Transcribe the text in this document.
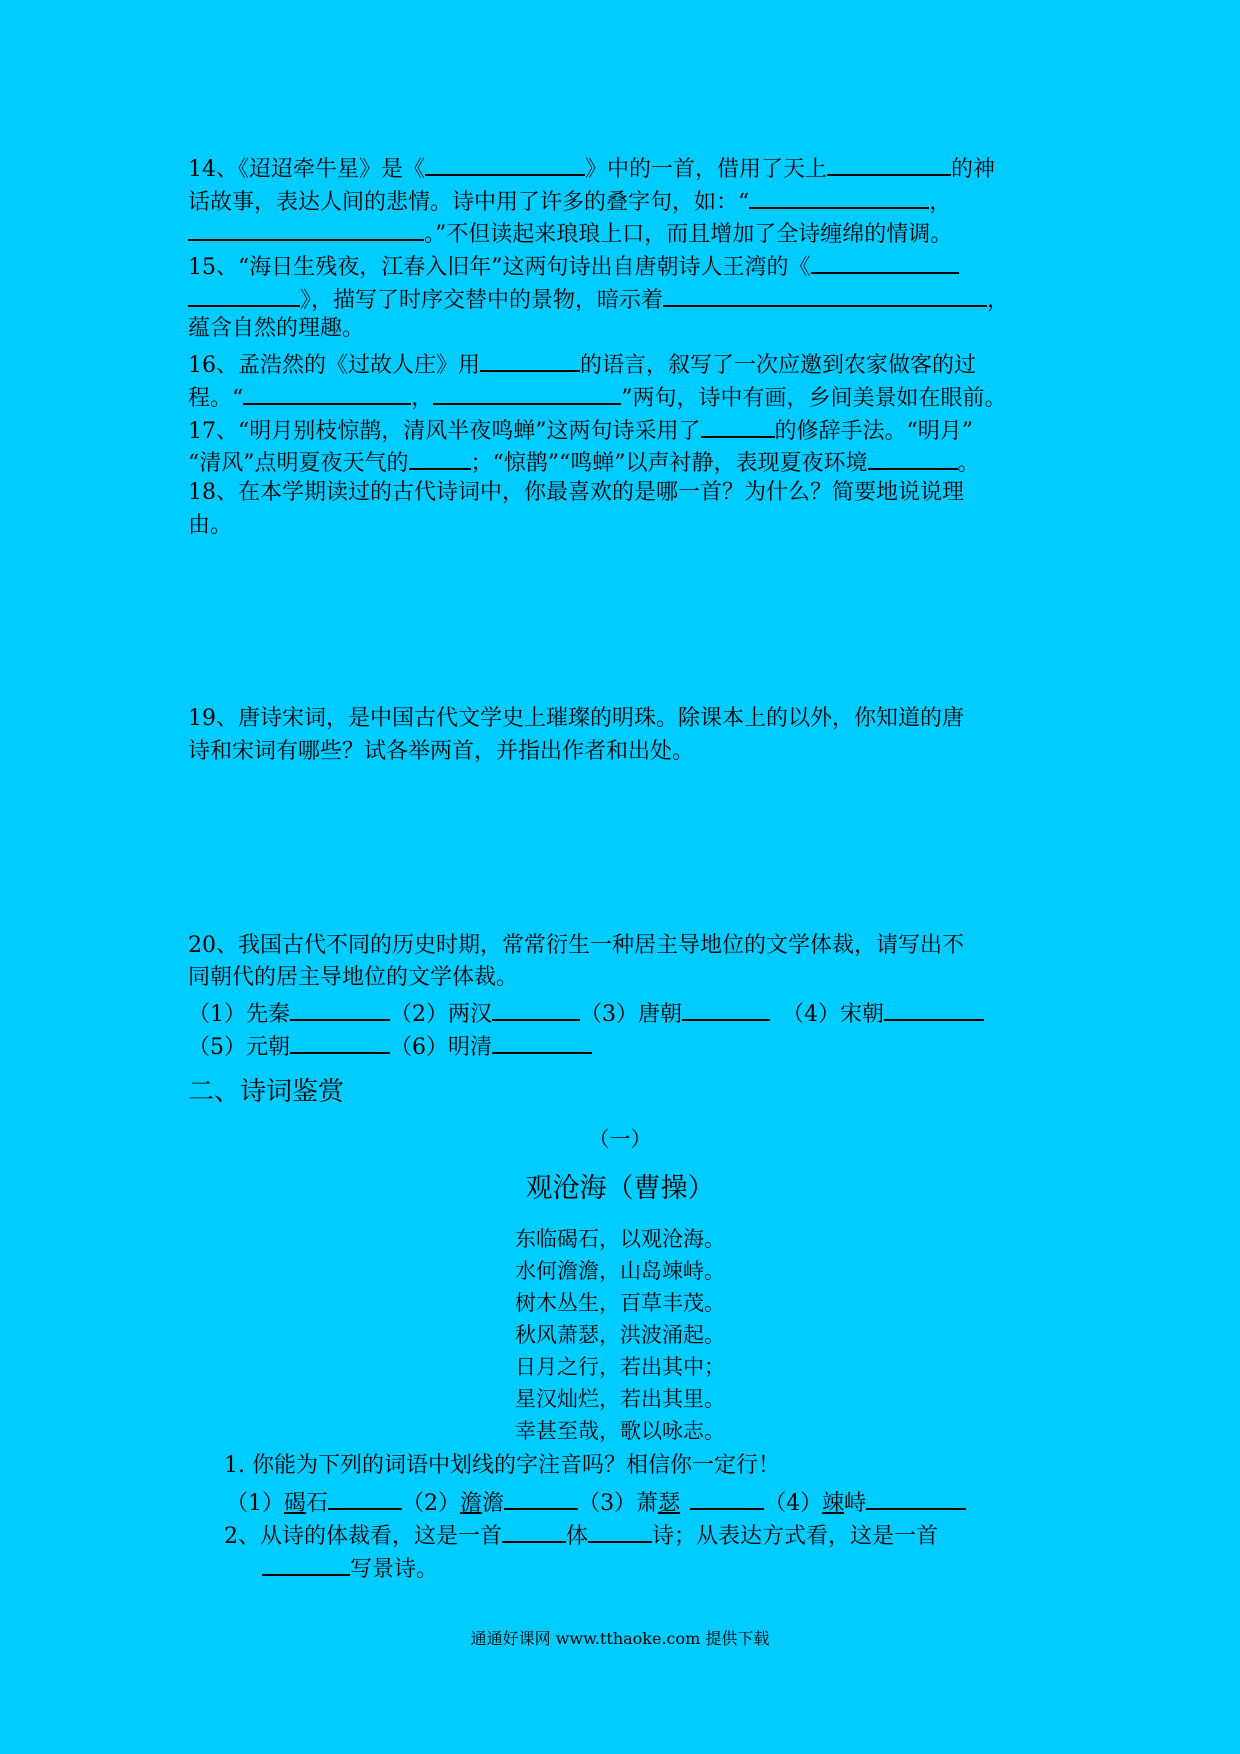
14、《迢迢牵牛星》是《	》中的一首，借用了天上	的神
话故事，表达人间的悲情。诗中用了许多的叠字句，如：“	，
。”不但读起来琅琅上口，而且增加了全诗缠绵的情调。
15、“海日生残夜，江春入旧年”这两句诗出自唐朝诗人王湾的《
》，描写了时序交替中的景物，暗示着	，
蕴含自然的理趣。
16、孟浩然的《过故人庄》用	的语言，叙写了一次应邀到农家做客的过
程。“	，	”两句，诗中有画，乡间美景如在眼前。
17、“明月别枝惊鹊，清风半夜鸣蝉”这两句诗采用了	的修辞手法。“明月”
“清风”点明夏夜天气的	；“惊鹊”“鸣蝉”以声衬静，表现夏夜环境	。
18、在本学期读过的古代诗词中，你最喜欢的是哪一首？为什么？简要地说说理
由。
19、唐诗宋词，是中国古代文学史上璀璨的明珠。除课本上的以外，你知道的唐
诗和宋词有哪些？试各举两首，并指出作者和出处。
20、我国古代不同的历史时期，常常衍生一种居主导地位的文学体裁，请写出不
同朝代的居主导地位的文学体裁。
（1）先秦	（2）两汉	（3）唐朝	（4）宋朝
（5）元朝	（6）明清
二、诗词鉴赏
（一）
观沧海（曹操）
东临碣石，以观沧海。
水何澹澹，山岛竦峙。
树木丛生，百草丰茂。
秋风萧瑟，洪波涌起。
日月之行，若出其中；
星汉灿烂，若出其里。
幸甚至哉，歌以咏志。
1. 你能为下列的词语中划线的字注音吗？相信你一定行！
（1）碣石	（2）澹澹	（3）萧瑟	（4）竦峙
2、从诗的体裁看，这是一首	体	诗；从表达方式看，这是一首
写景诗。
通通好课网 www.tthaoke.com 提供下载
